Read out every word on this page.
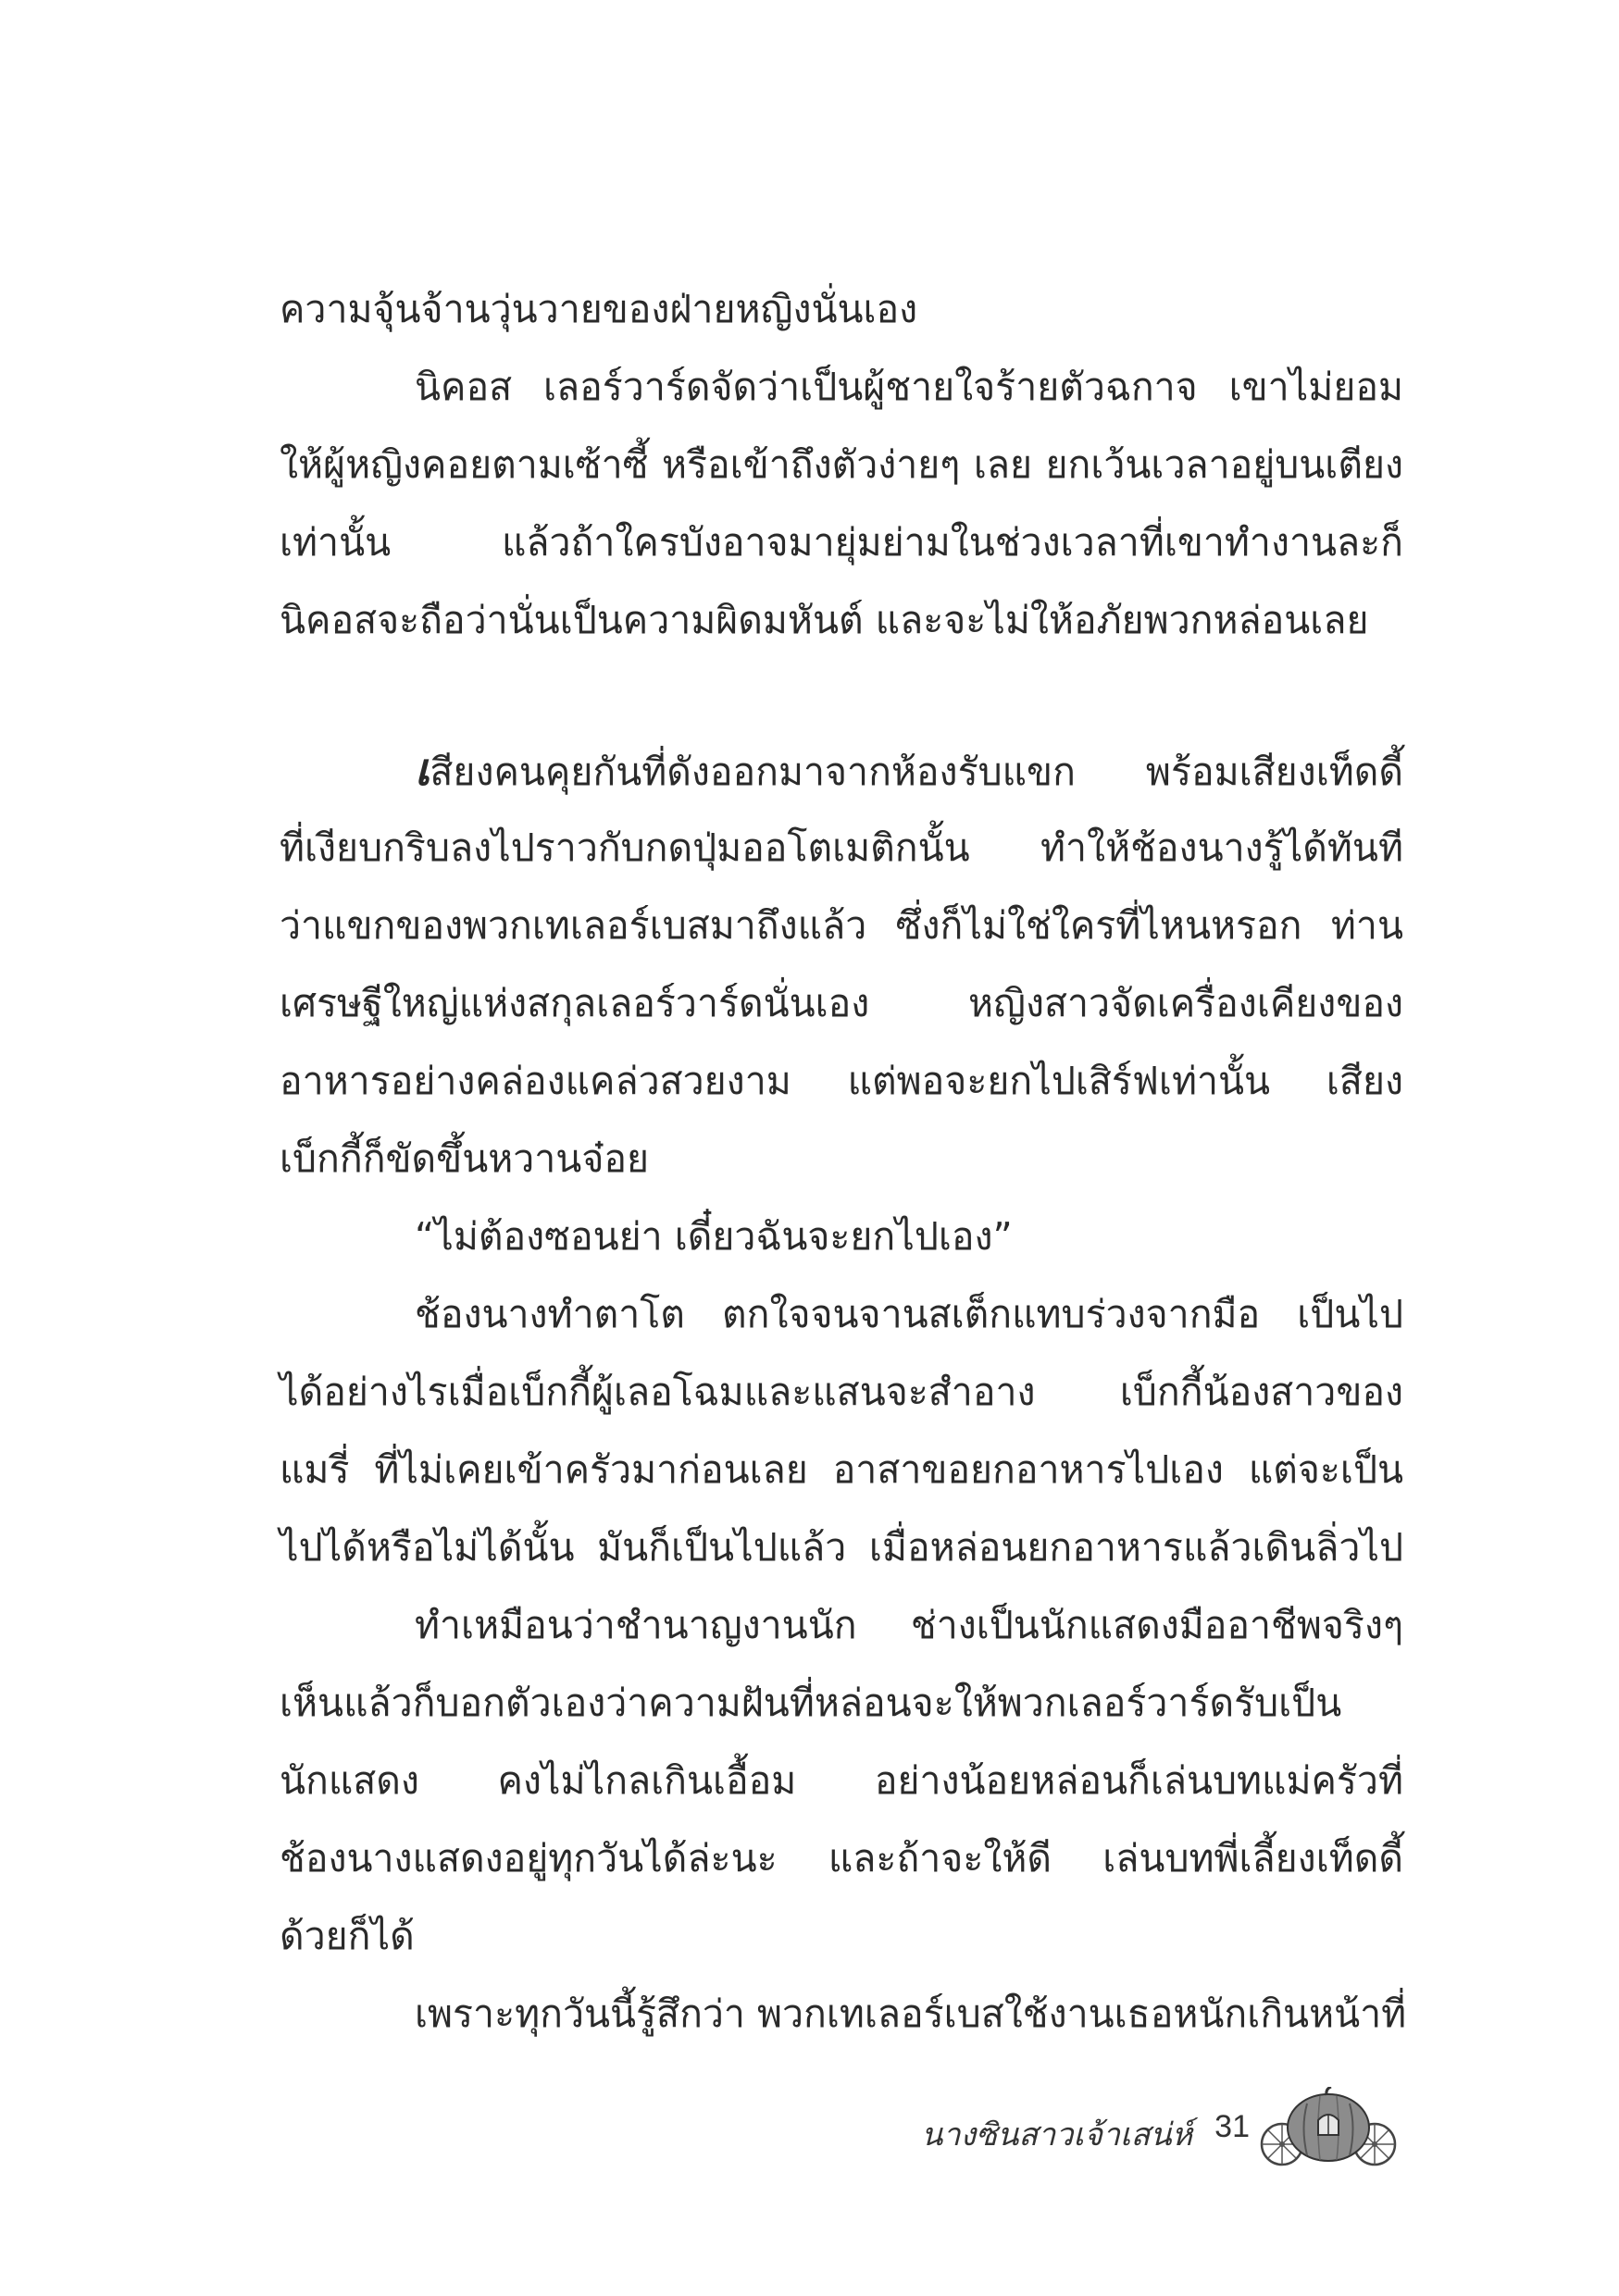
ความจุ้นจ้านวุ่นวายของฝ่ายหญิงนั่นเอง
นิคอส เลอร์วาร์ดจัดว่าเป็นผู้ชายใจร้ายตัวฉกาจ เขาไม่ยอม
ให้ผู้หญิงคอยตามเซ้าซี้ หรือเข้าถึงตัวง่ายๆ เลย ยกเว้นเวลาอยู่บนเตียง
เท่านั้น แล้วถ้าใครบังอาจมายุ่มย่ามในช่วงเวลาที่เขาทำงานละก็
นิคอสจะถือว่านั่นเป็นความผิดมหันต์ และจะไม่ให้อภัยพวกหล่อนเลย
เสียงคนคุยกันที่ดังออกมาจากห้องรับแขก พร้อมเสียงเท็ดดี้
ที่เงียบกริบลงไปราวกับกดปุ่มออโตเมติกนั้น ทำให้ช้องนางรู้ได้ทันที
ว่าแขกของพวกเทเลอร์เบสมาถึงแล้ว ซึ่งก็ไม่ใช่ใครที่ไหนหรอก ท่าน
เศรษฐีใหญ่แห่งสกุลเลอร์วาร์ดนั่นเอง หญิงสาวจัดเครื่องเคียงของ
อาหารอย่างคล่องแคล่วสวยงาม แต่พอจะยกไปเสิร์ฟเท่านั้น เสียง
เบ็กกี้ก็ขัดขึ้นหวานจ๋อย
“ไม่ต้องซอนย่า เดี๋ยวฉันจะยกไปเอง”
ช้องนางทำตาโต ตกใจจนจานสเต็กแทบร่วงจากมือ เป็นไป
ได้อย่างไรเมื่อเบ็กกี้ผู้เลอโฉมและแสนจะสำอาง เบ็กกี้น้องสาวของ
แมรี่ ที่ไม่เคยเข้าครัวมาก่อนเลย อาสาขอยกอาหารไปเอง แต่จะเป็น
ไปได้หรือไม่ได้นั้น มันก็เป็นไปแล้ว เมื่อหล่อนยกอาหารแล้วเดินลิ่วไป
ทำเหมือนว่าชำนาญงานนัก ช่างเป็นนักแสดงมืออาชีพจริงๆ
เห็นแล้วก็บอกตัวเองว่าความฝันที่หล่อนจะให้พวกเลอร์วาร์ดรับเป็น
นักแสดง คงไม่ไกลเกินเอื้อม อย่างน้อยหล่อนก็เล่นบทแม่ครัวที่
ช้องนางแสดงอยู่ทุกวันได้ล่ะนะ และถ้าจะให้ดี เล่นบทพี่เลี้ยงเท็ดดี้
ด้วยก็ได้
เพราะทุกวันนี้รู้สึกว่า พวกเทเลอร์เบสใช้งานเธอหนักเกินหน้าที่
นางซินสาวเจ้าเสน่ห์ 31
